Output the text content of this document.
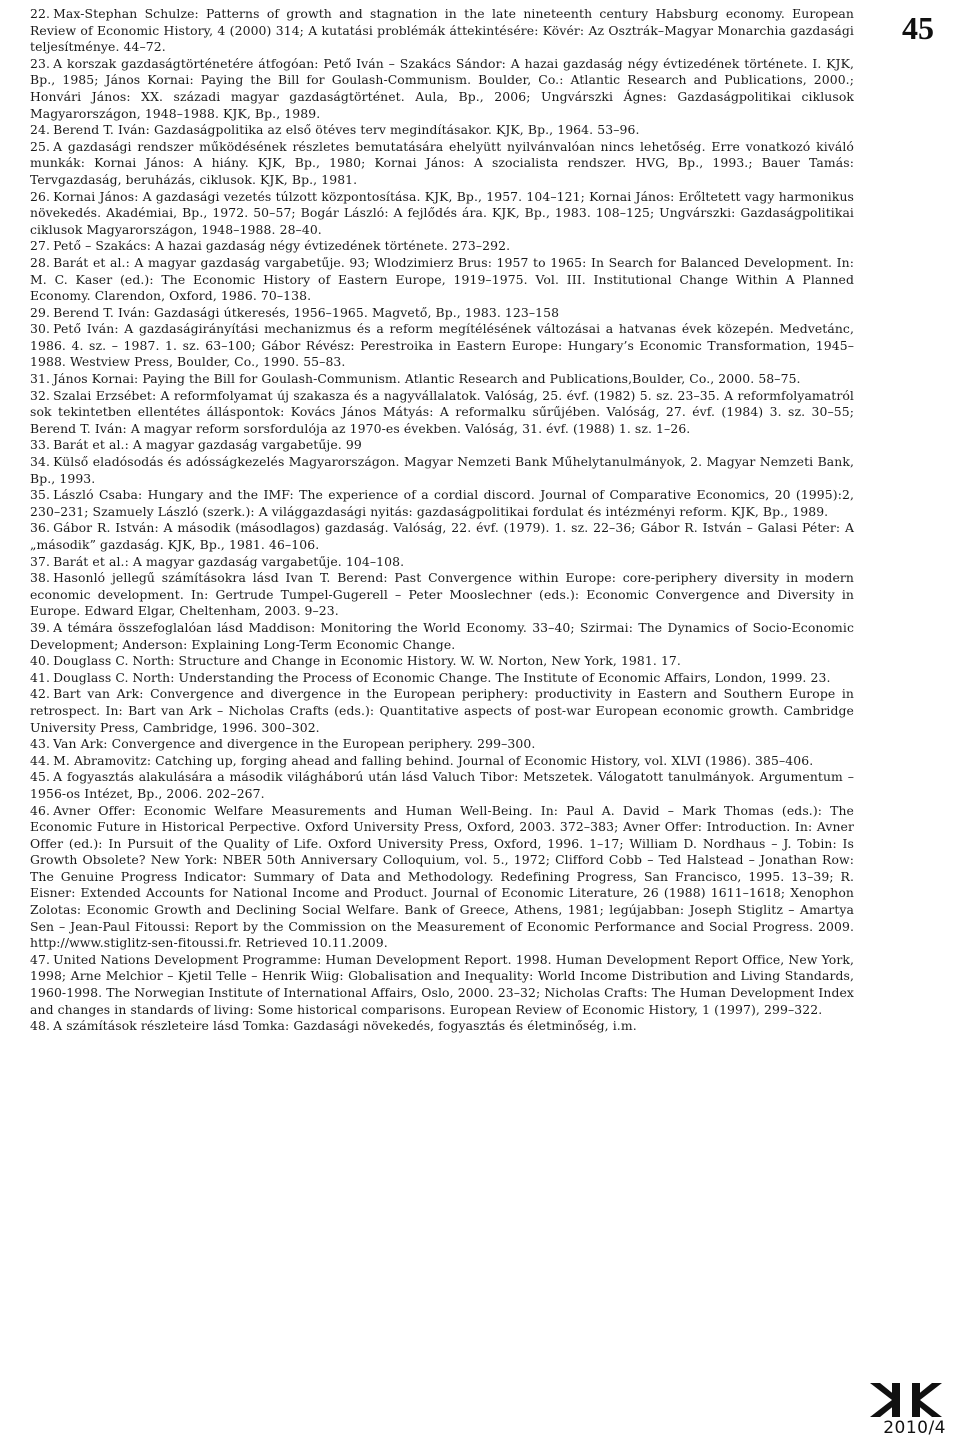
22. Max-Stephan Schulze: Patterns of growth and stagnation in the late nineteenth century Habsburg economy. European Review of Economic History, 4 (2000) 314; A kutatási problémák áttekintésére: Kövér: Az Osztrák–Magyar Monarchia gazdasági teljesítménye. 44–72.
23. A korszak gazdaságtörténetére átfogóan: Pető Iván – Szakács Sándor: A hazai gazdaság négy évtizedének története. I. KJK, Bp., 1985; János Kornai: Paying the Bill for Goulash-Communism. Boulder, Co.: Atlantic Research and Publications, 2000.; Honvári János: XX. századi magyar gazdaságtörténet. Aula, Bp., 2006; Ungvárszki Ágnes: Gazdaságpolitikai ciklusok Magyarországon, 1948–1988. KJK, Bp., 1989.
24. Berend T. Iván: Gazdaságpolitika az első ötéves terv megindításakor. KJK, Bp., 1964. 53–96.
25. A gazdasági rendszer működésének részletes bemutatására ehelyütt nyilvánvalóan nincs lehetőség. Erre vonatkozó kiváló munkák: Kornai János: A hiány. KJK, Bp., 1980; Kornai János: A szocialista rendszer. HVG, Bp., 1993.; Bauer Tamás: Tervgazdaság, beruházás, ciklusok. KJK, Bp., 1981.
26. Kornai János: A gazdasági vezetés túlzott központosítása. KJK, Bp., 1957. 104–121; Kornai János: Erőltetett vagy harmonikus növekedés. Akadémiai, Bp., 1972. 50–57; Bogár László: A fejlődés ára. KJK, Bp., 1983. 108–125; Ungvárszki: Gazdaságpolitikai ciklusok Magyarországon, 1948–1988. 28–40.
27. Pető – Szakács: A hazai gazdaság négy évtizedének története. 273–292.
28. Barát et al.: A magyar gazdaság vargabetűje. 93; Wlodzimierz Brus: 1957 to 1965: In Search for Balanced Development. In: M. C. Kaser (ed.): The Economic History of Eastern Europe, 1919–1975. Vol. III. Institutional Change Within A Planned Economy. Clarendon, Oxford, 1986. 70–138.
29. Berend T. Iván: Gazdasági útkeresés, 1956–1965. Magvető, Bp., 1983. 123–158
30. Pető Iván: A gazdaságirányítási mechanizmus és a reform megítélésének változásai a hatvanas évek közepén. Medvetánc, 1986. 4. sz. – 1987. 1. sz. 63–100; Gábor Révész: Perestroika in Eastern Europe: Hungary’s Economic Transformation, 1945–1988. Westview Press, Boulder, Co., 1990. 55–83.
31. János Kornai: Paying the Bill for Goulash-Communism. Atlantic Research and Publications,Boulder, Co., 2000. 58–75.
32. Szalai Erzsébet: A reformfolyamat új szakasza és a nagyvállalatok. Valóság, 25. évf. (1982) 5. sz. 23–35. A reformfolyamatról sok tekintetben ellentétes álláspontok: Kovács János Mátyás: A reformalku sűrűjében. Valóság, 27. évf. (1984) 3. sz. 30–55; Berend T. Iván: A magyar reform sorsfordulója az 1970-es években. Valóság, 31. évf. (1988) 1. sz. 1–26.
33. Barát et al.: A magyar gazdaság vargabetűje. 99
34. Külső eladósodás és adósságkezelés Magyarországon. Magyar Nemzeti Bank Műhelytanulmányok, 2. Magyar Nemzeti Bank, Bp., 1993.
35. László Csaba: Hungary and the IMF: The experience of a cordial discord. Journal of Comparative Economics, 20 (1995):2, 230–231; Szamuely László (szerk.): A világgazdasági nyitás: gazdaságpolitikai fordulat és intézményi reform. KJK, Bp., 1989.
36. Gábor R. István: A második (másodlagos) gazdaság. Valóság, 22. évf. (1979). 1. sz. 22–36; Gábor R. István – Galasi Péter: A „második” gazdaság. KJK, Bp., 1981. 46–106.
37. Barát et al.: A magyar gazdaság vargabetűje. 104–108.
38. Hasonló jellegű számításokra lásd Ivan T. Berend: Past Convergence within Europe: core-periphery diversity in modern economic development. In: Gertrude Tumpel-Gugerell – Peter Mooslechner (eds.): Economic Convergence and Diversity in Europe. Edward Elgar, Cheltenham, 2003. 9–23.
39. A témára összefoglalóan lásd Maddison: Monitoring the World Economy. 33–40; Szirmai: The Dynamics of Socio-Economic Development; Anderson: Explaining Long-Term Economic Change.
40. Douglass C. North: Structure and Change in Economic History. W. W. Norton, New York, 1981. 17.
41. Douglass C. North: Understanding the Process of Economic Change. The Institute of Economic Affairs, London, 1999. 23.
42. Bart van Ark: Convergence and divergence in the European periphery: productivity in Eastern and Southern Europe in retrospect. In: Bart van Ark – Nicholas Crafts (eds.): Quantitative aspects of post-war European economic growth. Cambridge University Press, Cambridge, 1996. 300–302.
43. Van Ark: Convergence and divergence in the European periphery. 299–300.
44. M. Abramovitz: Catching up, forging ahead and falling behind. Journal of Economic History, vol. XLVI (1986). 385–406.
45. A fogyasztás alakulására a második világháború után lásd Valuch Tibor: Metszetek. Válogatott tanulmányok. Argumentum – 1956-os Intézet, Bp., 2006. 202–267.
46. Avner Offer: Economic Welfare Measurements and Human Well-Being. In: Paul A. David – Mark Thomas (eds.): The Economic Future in Historical Perpective. Oxford University Press, Oxford, 2003. 372–383; Avner Offer: Introduction. In: Avner Offer (ed.): In Pursuit of the Quality of Life. Oxford University Press, Oxford, 1996. 1–17; William D. Nordhaus – J. Tobin: Is Growth Obsolete? New York: NBER 50th Anniversary Colloquium, vol. 5., 1972; Clifford Cobb – Ted Halstead – Jonathan Row: The Genuine Progress Indicator: Summary of Data and Methodology. Redefining Progress, San Francisco, 1995. 13–39; R. Eisner: Extended Accounts for National Income and Product. Journal of Economic Literature, 26 (1988) 1611–1618; Xenophon Zolotas: Economic Growth and Declining Social Welfare. Bank of Greece, Athens, 1981; legújabban: Joseph Stiglitz – Amartya Sen – Jean-Paul Fitoussi: Report by the Commission on the Measurement of Economic Performance and Social Progress. 2009. http://www.stiglitz-sen-fitoussi.fr. Retrieved 10.11.2009.
47. United Nations Development Programme: Human Development Report. 1998. Human Development Report Office, New York, 1998; Arne Melchior – Kjetil Telle – Henrik Wiig: Globalisation and Inequality: World Income Distribution and Living Standards, 1960-1998. The Norwegian Institute of International Affairs, Oslo, 2000. 23–32; Nicholas Crafts: The Human Development Index and changes in standards of living: Some historical comparisons. European Review of Economic History, 1 (1997), 299–322.
48. A számítások részleteire lásd Tomka: Gazdasági növekedés, fogyasztás és életminőség, i.m.
45
2010/4
